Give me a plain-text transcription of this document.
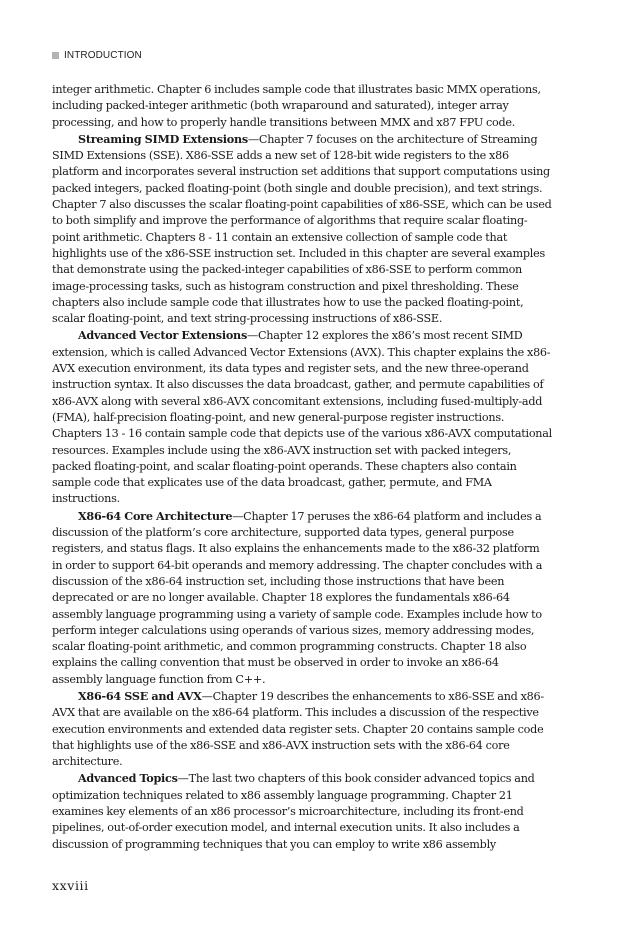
INTRODUCTION

integer arithmetic. Chapter 6 includes sample code that illustrates basic MMX operations, including packed-integer arithmetic (both wraparound and saturated), integer array processing, and how to properly handle transitions between MMX and x87 FPU code.

Streaming SIMD Extensions—Chapter 7 focuses on the architecture of Streaming SIMD Extensions (SSE). X86-SSE adds a new set of 128-bit wide registers to the x86 platform and incorporates several instruction set additions that support computations using packed integers, packed floating-point (both single and double precision), and text strings. Chapter 7 also discusses the scalar floating-point capabilities of x86-SSE, which can be used to both simplify and improve the performance of algorithms that require scalar floating-point arithmetic. Chapters 8 - 11 contain an extensive collection of sample code that highlights use of the x86-SSE instruction set. Included in this chapter are several examples that demonstrate using the packed-integer capabilities of x86-SSE to perform common image-processing tasks, such as histogram construction and pixel thresholding. These chapters also include sample code that illustrates how to use the packed floating-point, scalar floating-point, and text string-processing instructions of x86-SSE.

Advanced Vector Extensions—Chapter 12 explores the x86’s most recent SIMD extension, which is called Advanced Vector Extensions (AVX). This chapter explains the x86-AVX execution environment, its data types and register sets, and the new three-operand instruction syntax. It also discusses the data broadcast, gather, and permute capabilities of x86-AVX along with several x86-AVX concomitant extensions, including fused-multiply-add (FMA), half-precision floating-point, and new general-purpose register instructions. Chapters 13 - 16 contain sample code that depicts use of the various x86-AVX computational resources. Examples include using the x86-AVX instruction set with packed integers, packed floating-point, and scalar floating-point operands. These chapters also contain sample code that explicates use of the data broadcast, gather, permute, and FMA instructions.

X86-64 Core Architecture—Chapter 17 peruses the x86-64 platform and includes a discussion of the platform’s core architecture, supported data types, general purpose registers, and status flags. It also explains the enhancements made to the x86-32 platform in order to support 64-bit operands and memory addressing. The chapter concludes with a discussion of the x86-64 instruction set, including those instructions that have been deprecated or are no longer available. Chapter 18 explores the fundamentals x86-64 assembly language programming using a variety of sample code. Examples include how to perform integer calculations using operands of various sizes, memory addressing modes, scalar floating-point arithmetic, and common programming constructs. Chapter 18 also explains the calling convention that must be observed in order to invoke an x86-64 assembly language function from C++.

X86-64 SSE and AVX—Chapter 19 describes the enhancements to x86-SSE and x86-AVX that are available on the x86-64 platform. This includes a discussion of the respective execution environments and extended data register sets. Chapter 20 contains sample code that highlights use of the x86-SSE and x86-AVX instruction sets with the x86-64 core architecture.

Advanced Topics—The last two chapters of this book consider advanced topics and optimization techniques related to x86 assembly language programming. Chapter 21 examines key elements of an x86 processor’s microarchitecture, including its front-end pipelines, out-of-order execution model, and internal execution units. It also includes a discussion of programming techniques that you can employ to write x86 assembly

xxviii
